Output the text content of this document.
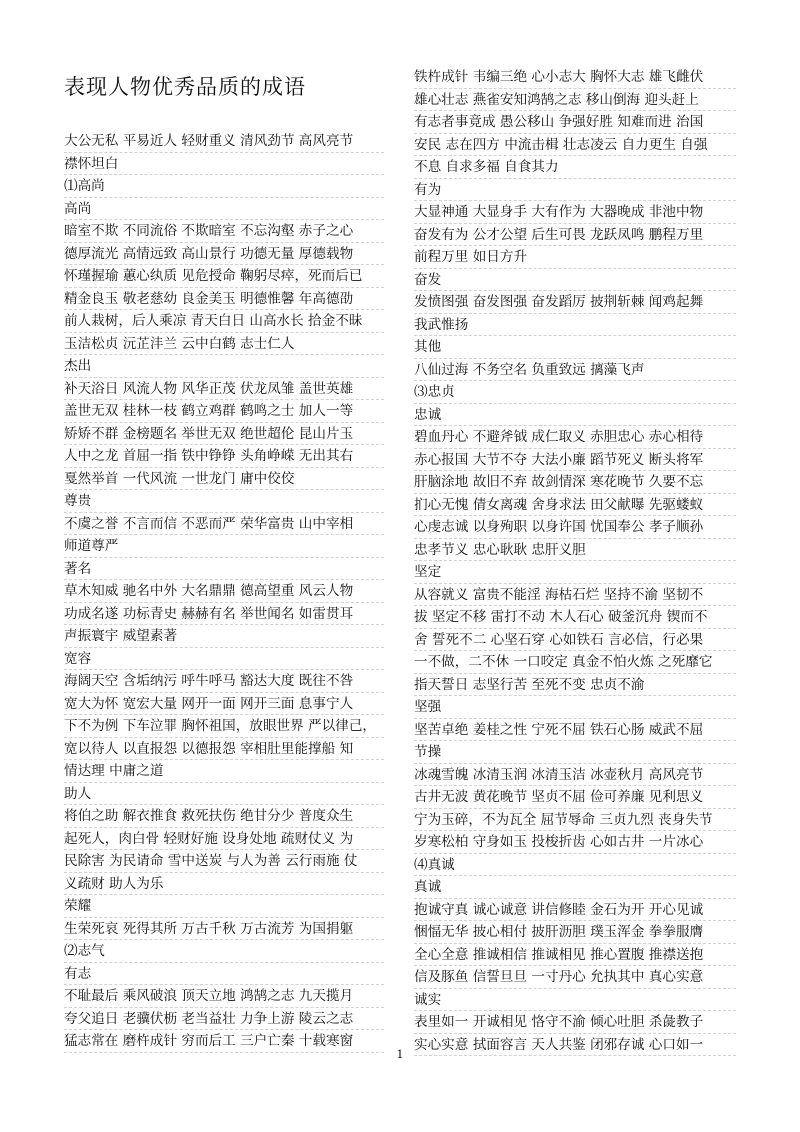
表现人物优秀品质的成语
大公无私 平易近人 轻财重义 清风劲节 高风亮节
襟怀坦白
⑴高尚
高尚
暗室不欺 不同流俗 不欺暗室 不忘沟壑 赤子之心
德厚流光 高情远致 高山景行 功德无量 厚德载物
怀瑾握瑜 蕙心纨质 见危授命 鞠躬尽瘁，死而后已
精金良玉 敬老慈幼 良金美玉 明德惟馨 年高德劭
前人栽树，后人乘凉 青天白日 山高水长 拾金不昧
玉洁松贞 沅芷沣兰 云中白鹤 志士仁人
杰出
补天浴日 风流人物 风华正茂 伏龙凤雏 盖世英雄
盖世无双 桂林一枝 鹤立鸡群 鹤鸣之士 加人一等
矫矫不群 金榜题名 举世无双 绝世超伦 昆山片玉
人中之龙 首屈一指 铁中铮铮 头角峥嵘 无出其右
戛然举首 一代风流 一世龙门 庸中佼佼
尊贵
不虞之誉 不言而信 不恶而严 荣华富贵 山中宰相
师道尊严
著名
草木知威 驰名中外 大名鼎鼎 德高望重 风云人物
功成名遂 功标青史 赫赫有名 举世闻名 如雷贯耳
声振寰宇 威望素著
宽容
海阔天空 含垢纳污 呼牛呼马 豁达大度 既往不咎
宽大为怀 宽宏大量 网开一面 网开三面 息事宁人
下不为例 下车泣罪 胸怀祖国，放眼世界 严以律己，
宽以待人 以直报怨 以德报怨 宰相肚里能撑船 知
情达理 中庸之道
助人
将伯之助 解衣推食 救死扶伤 绝甘分少 普度众生
起死人，肉白骨 轻财好施 设身处地 疏财仗义 为
民除害 为民请命 雪中送炭 与人为善 云行雨施 仗
义疏财 助人为乐
荣耀
生荣死哀 死得其所 万古千秋 万古流芳 为国捐躯
⑵志气
有志
不耻最后 乘风破浪 顶天立地 鸿鹄之志 九天揽月
夸父追日 老骥伏枥 老当益壮 力争上游 陵云之志
猛志常在 磨杵成针 穷而后工 三户亡秦 十载寒窗
铁杵成针 韦编三绝 心小志大 胸怀大志 雄飞雌伏
雄心壮志 燕雀安知鸿鹄之志 移山倒海 迎头赶上
有志者事竟成 愚公移山 争强好胜 知难而进 治国
安民 志在四方 中流击楫 壮志凌云 自力更生 自强
不息 自求多福 自食其力
有为
大显神通 大显身手 大有作为 大器晚成 非池中物
奋发有为 公才公望 后生可畏 龙跃凤鸣 鹏程万里
前程万里 如日方升
奋发
发愤图强 奋发图强 奋发蹈厉 披荆斩棘 闻鸡起舞
我武惟扬
其他
八仙过海 不务空名 负重致远 摛藻飞声
⑶忠贞
忠诚
碧血丹心 不避斧钺 成仁取义 赤胆忠心 赤心相待
赤心报国 大节不夺 大法小廉 蹈节死义 断头将军
肝脑涂地 故旧不弃 故剑情深 寒花晚节 久要不忘
扪心无愧 倩女离魂 舍身求法 田父献曝 先驱蝼蚁
心虔志诚 以身殉职 以身许国 忧国奉公 孝子顺孙
忠孝节义 忠心耿耿 忠肝义胆
坚定
从容就义 富贵不能淫 海枯石烂 坚持不渝 坚韧不
拔 坚定不移 雷打不动 木人石心 破釜沉舟 锲而不
舍 誓死不二 心坚石穿 心如铁石 言必信，行必果
一不做，二不休 一口咬定 真金不怕火炼 之死靡它
指天誓日 志坚行苦 至死不变 忠贞不渝
坚强
坚苦卓绝 姜桂之性 宁死不屈 铁石心肠 威武不屈
节操
冰魂雪魄 冰清玉润 冰清玉洁 冰壶秋月 高风亮节
古井无波 黄花晚节 坚贞不屈 俭可养廉 见利思义
宁为玉碎，不为瓦全 屈节辱命 三贞九烈 丧身失节
岁寒松柏 守身如玉 投梭折齿 心如古井 一片冰心
⑷真诚
真诚
抱诚守真 诚心诚意 讲信修睦 金石为开 开心见诚
悃愊无华 披心相付 披肝沥胆 璞玉浑金 拳拳服膺
全心全意 推诚相信 推诚相见 推心置腹 推襟送抱
信及豚鱼 信誓旦旦 一寸丹心 允执其中 真心实意
诚实
表里如一 开诚相见 恪守不渝 倾心吐胆 杀彘教子
实心实意 拭面容言 天人共鉴 闭邪存诚 心口如一
1
